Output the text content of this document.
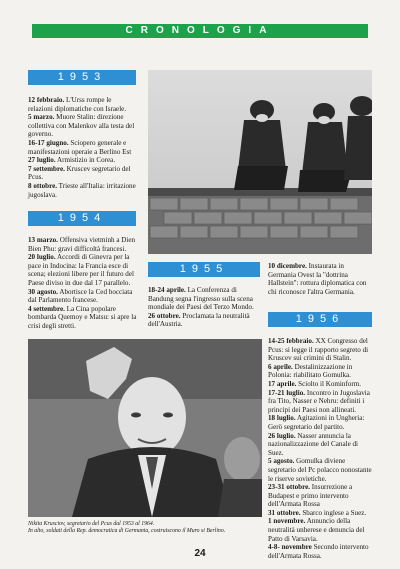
CRONOLOGIA
1953

12 febbraio. L'Urss rompe le relazioni diplomatiche con Israele.

5 marzo. Muore Stalin: direzione collettiva con Malenkov alla testa del governo.

16-17 giugno. Sciopero generale e manifestazioni operaie a Berlino Est

27 luglio. Armistizio in Corea.

7 settembre. Kruscev segretario del Pcus.

8 ottobre. Trieste all'Italia: irritazione jugoslava.

1954

13 marzo. Offensiva vietminh a Dien Bien Phu: gravi difficoltà francesi.

20 luglio. Accordi di Ginevra per la pace in Indocina: la Francia esce di scena; elezioni libere per il futuro del Paese diviso in due dal 17 parallelo.

30 agosto. Abortisce la Ced bocciata dal Parlamento francese.

4 settembre. La Cina popolare bombarda Quemoy e Matsu: si apre la crisi degli stretti.

1955

18-24 aprile. La Conferenza di Bandung segna l'ingresso sulla scena mondiale dei Paesi del Terzo Mondo.

26 ottobre. Proclamata la neutralità dell'Austria.

10 dicembre. Instaurata in Germania Ovest la "dottrina Hallstein": rottura diplomatica con chi riconosce l'altra Germania.

1956

14-25 febbraio. XX Congresso del Pcus: si legge il rapporto segreto di Kruscev sui crimini di Stalin.

6 aprile. Destalinizzazione in Polonia: riabilitato Gomulka.

17 aprile. Sciolto il Kominform.

17-21 luglio. Incontro in Jugoslavia fra Tito, Nasser e Nehru: definiti i principi dei Paesi non allineati.

18 luglio. Agitazioni in Ungheria: Gerö segretario del partito.

26 luglio. Nasser annuncia la nazionalizzazione del Canale di Suez.

5 agosto. Gomulka diviene segretario del Pc polacco nonostante le riserve sovietiche.

23-31 ottobre. Insurrezione a Budapest e primo intervento dell'Armata Rossa

31 ottobre. Sbarco inglese a Suez.

1 novembre. Annuncio della neutralità unherese e denuncia del Patto di Varsavia.

4-8- novembre Secondo intervento dell'Armata Rossa.

Nikita Krusciov, segretario del Pcus dal 1953 al 1964.
In alto, soldati della Rep. democratica di Germania, costruiscono il Muro si Berlino.
24
